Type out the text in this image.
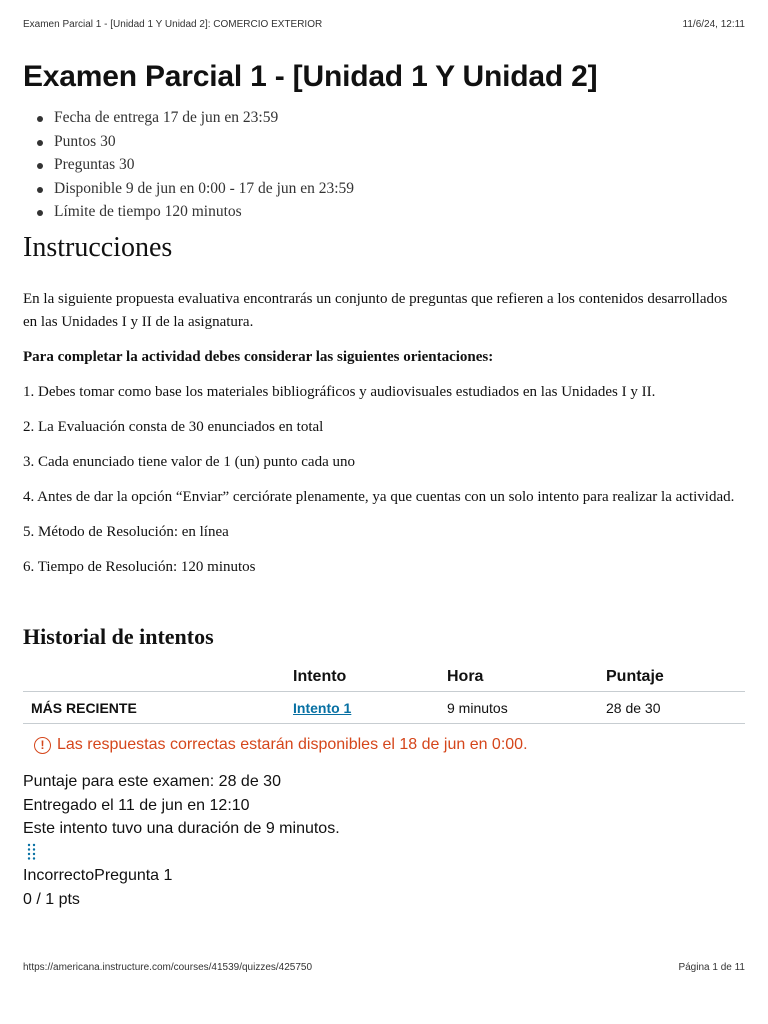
Examen Parcial 1 - [Unidad 1 Y Unidad 2]: COMERCIO EXTERIOR	11/6/24, 12:11
Examen Parcial 1 - [Unidad 1 Y Unidad 2]
Fecha de entrega 17 de jun en 23:59
Puntos 30
Preguntas 30
Disponible 9 de jun en 0:00 - 17 de jun en 23:59
Límite de tiempo 120 minutos
Instrucciones

En la siguiente propuesta evaluativa encontrarás un conjunto de preguntas que refieren a los contenidos desarrollados en las Unidades I y II de la asignatura.

Para completar la actividad debes considerar las siguientes orientaciones:

1. Debes tomar como base los materiales bibliográficos y audiovisuales estudiados en las Unidades I y II.

2. La Evaluación consta de 30 enunciados en total

3. Cada enunciado tiene valor de 1 (un) punto cada uno

4. Antes de dar la opción “Enviar” cerciórate plenamente, ya que cuentas con un solo intento para realizar la actividad.

5. Método de Resolución: en línea

6. Tiempo de Resolución: 120 minutos

Historial de intentos
	Intento	Hora	Puntaje
MÁS RECIENTE	Intento 1	9 minutos	28 de 30
! Las respuestas correctas estarán disponibles el 18 de jun en 0:00.
Puntaje para este examen: 28 de 30
Entregado el 11 de jun en 12:10
Este intento tuvo una duración de 9 minutos.
IncorrectoPregunta 1
0 / 1 pts
https://americana.instructure.com/courses/41539/quizzes/425750	Página 1 de 11
